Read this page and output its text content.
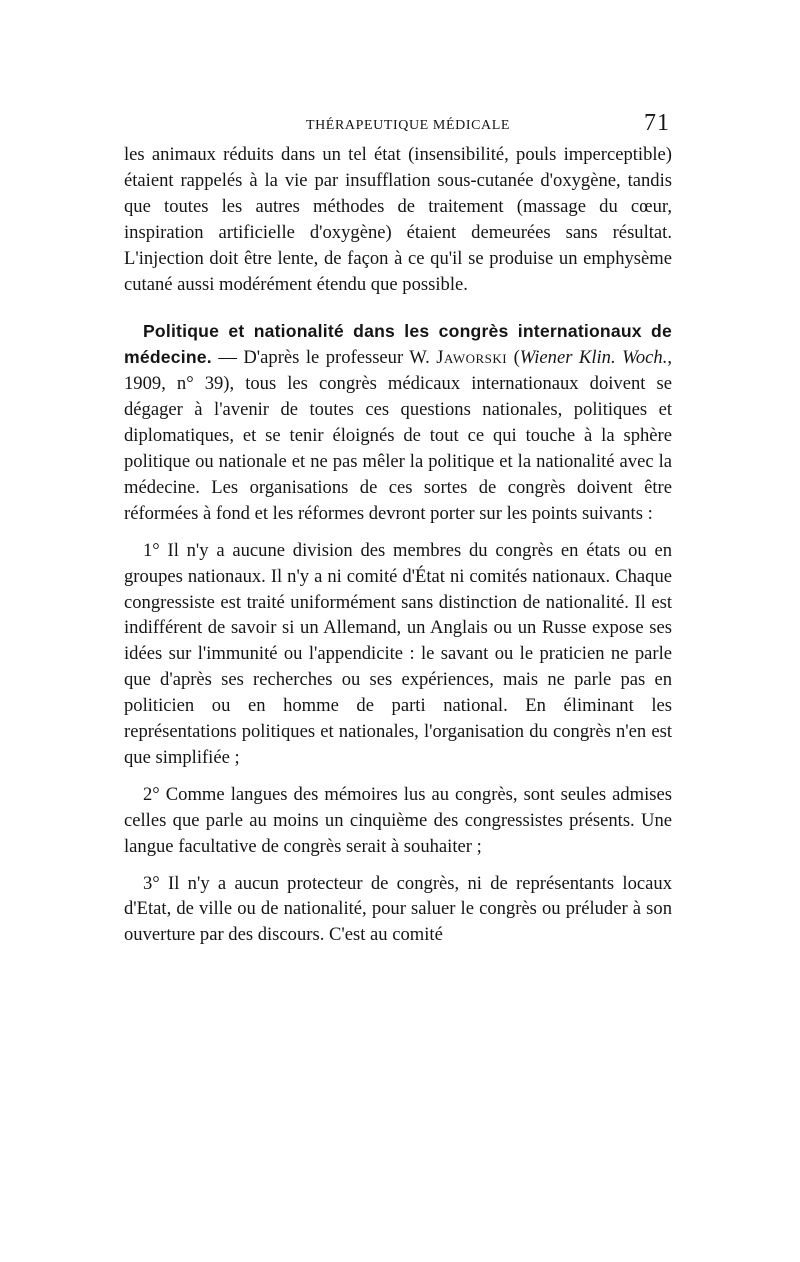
THÉRAPEUTIQUE MÉDICALE	71

les animaux réduits dans un tel état (insensibilité, pouls imperceptible) étaient rappelés à la vie par insufflation sous-cutanée d'oxygène, tandis que toutes les autres méthodes de traitement (massage du cœur, inspiration artificielle d'oxygène) étaient demeurées sans résultat. L'injection doit être lente, de façon à ce qu'il se produise un emphysème cutané aussi modérément étendu que possible.

Politique et nationalité dans les congrès internationaux de médecine. — D'après le professeur W. Jaworski (Wiener Klin. Woch., 1909, n° 39), tous les congrès médicaux internationaux doivent se dégager à l'avenir de toutes ces questions nationales, politiques et diplomatiques, et se tenir éloignés de tout ce qui touche à la sphère politique ou nationale et ne pas mêler la politique et la nationalité avec la médecine. Les organisations de ces sortes de congrès doivent être réformées à fond et les réformes devront porter sur les points suivants :

1° Il n'y a aucune division des membres du congrès en états ou en groupes nationaux. Il n'y a ni comité d'État ni comités nationaux. Chaque congressiste est traité uniformément sans distinction de nationalité. Il est indifférent de savoir si un Allemand, un Anglais ou un Russe expose ses idées sur l'immunité ou l'appendicite : le savant ou le praticien ne parle que d'après ses recherches ou ses expériences, mais ne parle pas en politicien ou en homme de parti national. En éliminant les représentations politiques et nationales, l'organisation du congrès n'en est que simplifiée ;

2° Comme langues des mémoires lus au congrès, sont seules admises celles que parle au moins un cinquième des congressistes présents. Une langue facultative de congrès serait à souhaiter ;

3° Il n'y a aucun protecteur de congrès, ni de représentants locaux d'Etat, de ville ou de nationalité, pour saluer le congrès ou préluder à son ouverture par des discours. C'est au comité
